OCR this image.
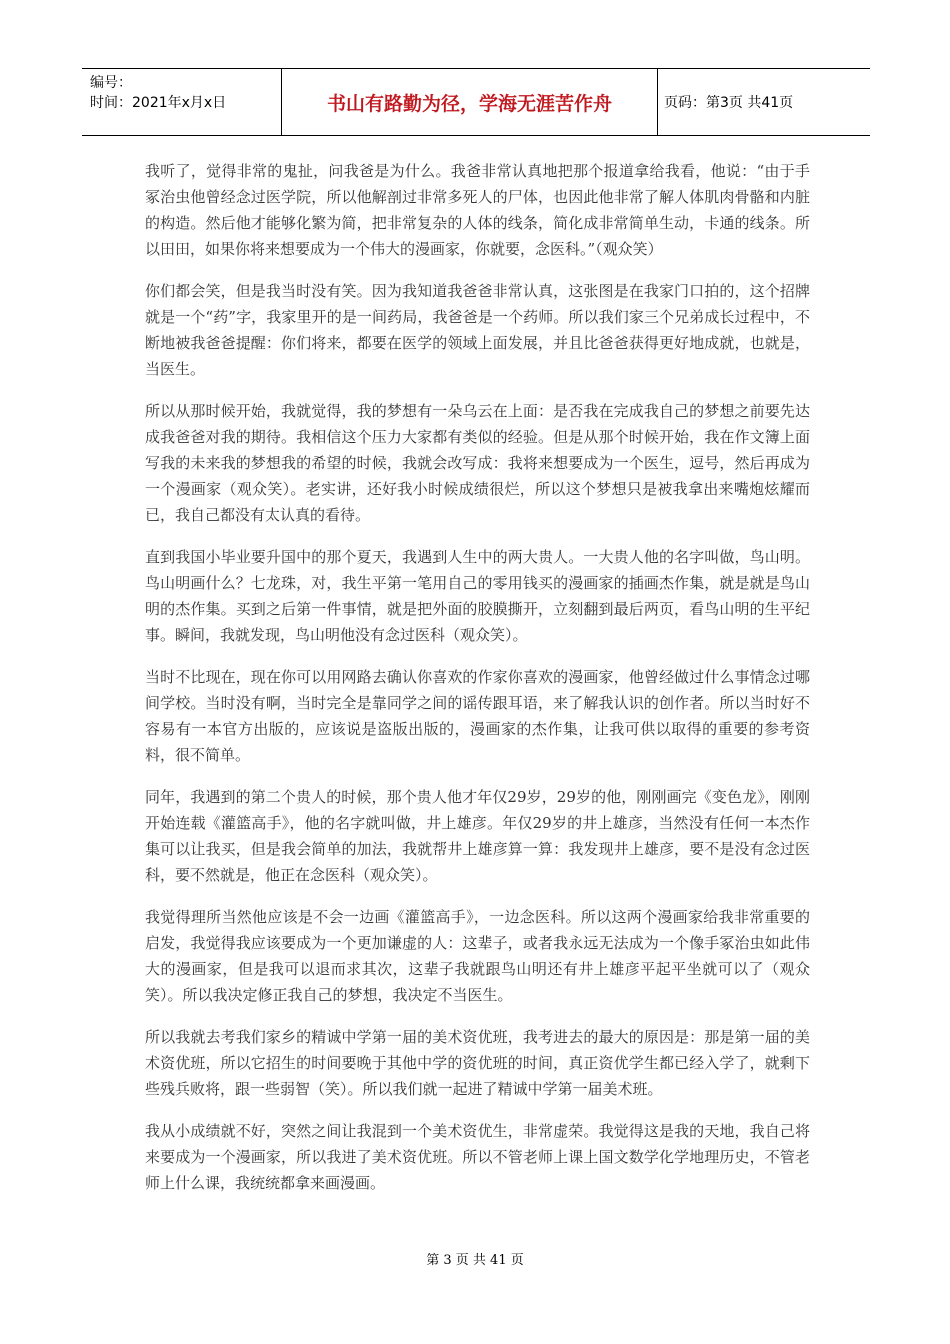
编号：
时间：2021年x月x日	书山有路勤为径，学海无涯苦作舟	页码：第3页 共41页

我听了，觉得非常的鬼扯，问我爸是为什么。我爸非常认真地把那个报道拿给我看，他说：“由于手冢治虫他曾经念过医学院，所以他解剖过非常多死人的尸体，也因此他非常了解人体肌肉骨骼和内脏的构造。然后他才能够化繁为简，把非常复杂的人体的线条，简化成非常简单生动，卡通的线条。所以田田，如果你将来想要成为一个伟大的漫画家，你就要，念医科。”（观众笑）

你们都会笑，但是我当时没有笑。因为我知道我爸爸非常认真，这张图是在我家门口拍的，这个招牌就是一个“药”字，我家里开的是一间药局，我爸爸是一个药师。所以我们家三个兄弟成长过程中，不断地被我爸爸提醒：你们将来，都要在医学的领域上面发展，并且比爸爸获得更好地成就，也就是，当医生。

所以从那时候开始，我就觉得，我的梦想有一朵乌云在上面：是否我在完成我自己的梦想之前要先达成我爸爸对我的期待。我相信这个压力大家都有类似的经验。但是从那个时候开始，我在作文簿上面写我的未来我的梦想我的希望的时候，我就会改写成：我将来想要成为一个医生，逗号，然后再成为一个漫画家（观众笑）。老实讲，还好我小时候成绩很烂，所以这个梦想只是被我拿出来嘴炮炫耀而已，我自己都没有太认真的看待。

直到我国小毕业要升国中的那个夏天，我遇到人生中的两大贵人。一大贵人他的名字叫做，鸟山明。鸟山明画什么？七龙珠，对，我生平第一笔用自己的零用钱买的漫画家的插画杰作集，就是就是鸟山明的杰作集。买到之后第一件事情，就是把外面的胶膜撕开，立刻翻到最后两页，看鸟山明的生平纪事。瞬间，我就发现，鸟山明他没有念过医科（观众笑）。

当时不比现在，现在你可以用网路去确认你喜欢的作家你喜欢的漫画家，他曾经做过什么事情念过哪间学校。当时没有啊，当时完全是靠同学之间的谣传跟耳语，来了解我认识的创作者。所以当时好不容易有一本官方出版的，应该说是盗版出版的，漫画家的杰作集，让我可供以取得的重要的参考资料，很不简单。

同年，我遇到的第二个贵人的时候，那个贵人他才年仅29岁，29岁的他，刚刚画完《变色龙》，刚刚开始连载《灌篮高手》，他的名字就叫做，井上雄彦。年仅29岁的井上雄彦，当然没有任何一本杰作集可以让我买，但是我会简单的加法，我就帮井上雄彦算一算：我发现井上雄彦，要不是没有念过医科，要不然就是，他正在念医科（观众笑）。

我觉得理所当然他应该是不会一边画《灌篮高手》，一边念医科。所以这两个漫画家给我非常重要的启发，我觉得我应该要成为一个更加谦虚的人：这辈子，或者我永远无法成为一个像手冢治虫如此伟大的漫画家，但是我可以退而求其次，这辈子我就跟鸟山明还有井上雄彦平起平坐就可以了（观众笑）。所以我决定修正我自己的梦想，我决定不当医生。

所以我就去考我们家乡的精诚中学第一届的美术资优班，我考进去的最大的原因是：那是第一届的美术资优班，所以它招生的时间要晚于其他中学的资优班的时间，真正资优学生都已经入学了，就剩下些残兵败将，跟一些弱智（笑）。所以我们就一起进了精诚中学第一届美术班。

我从小成绩就不好，突然之间让我混到一个美术资优生，非常虚荣。我觉得这是我的天地，我自己将来要成为一个漫画家，所以我进了美术资优班。所以不管老师上课上国文数学化学地理历史，不管老师上什么课，我统统都拿来画漫画。

第 3 页 共 41 页
